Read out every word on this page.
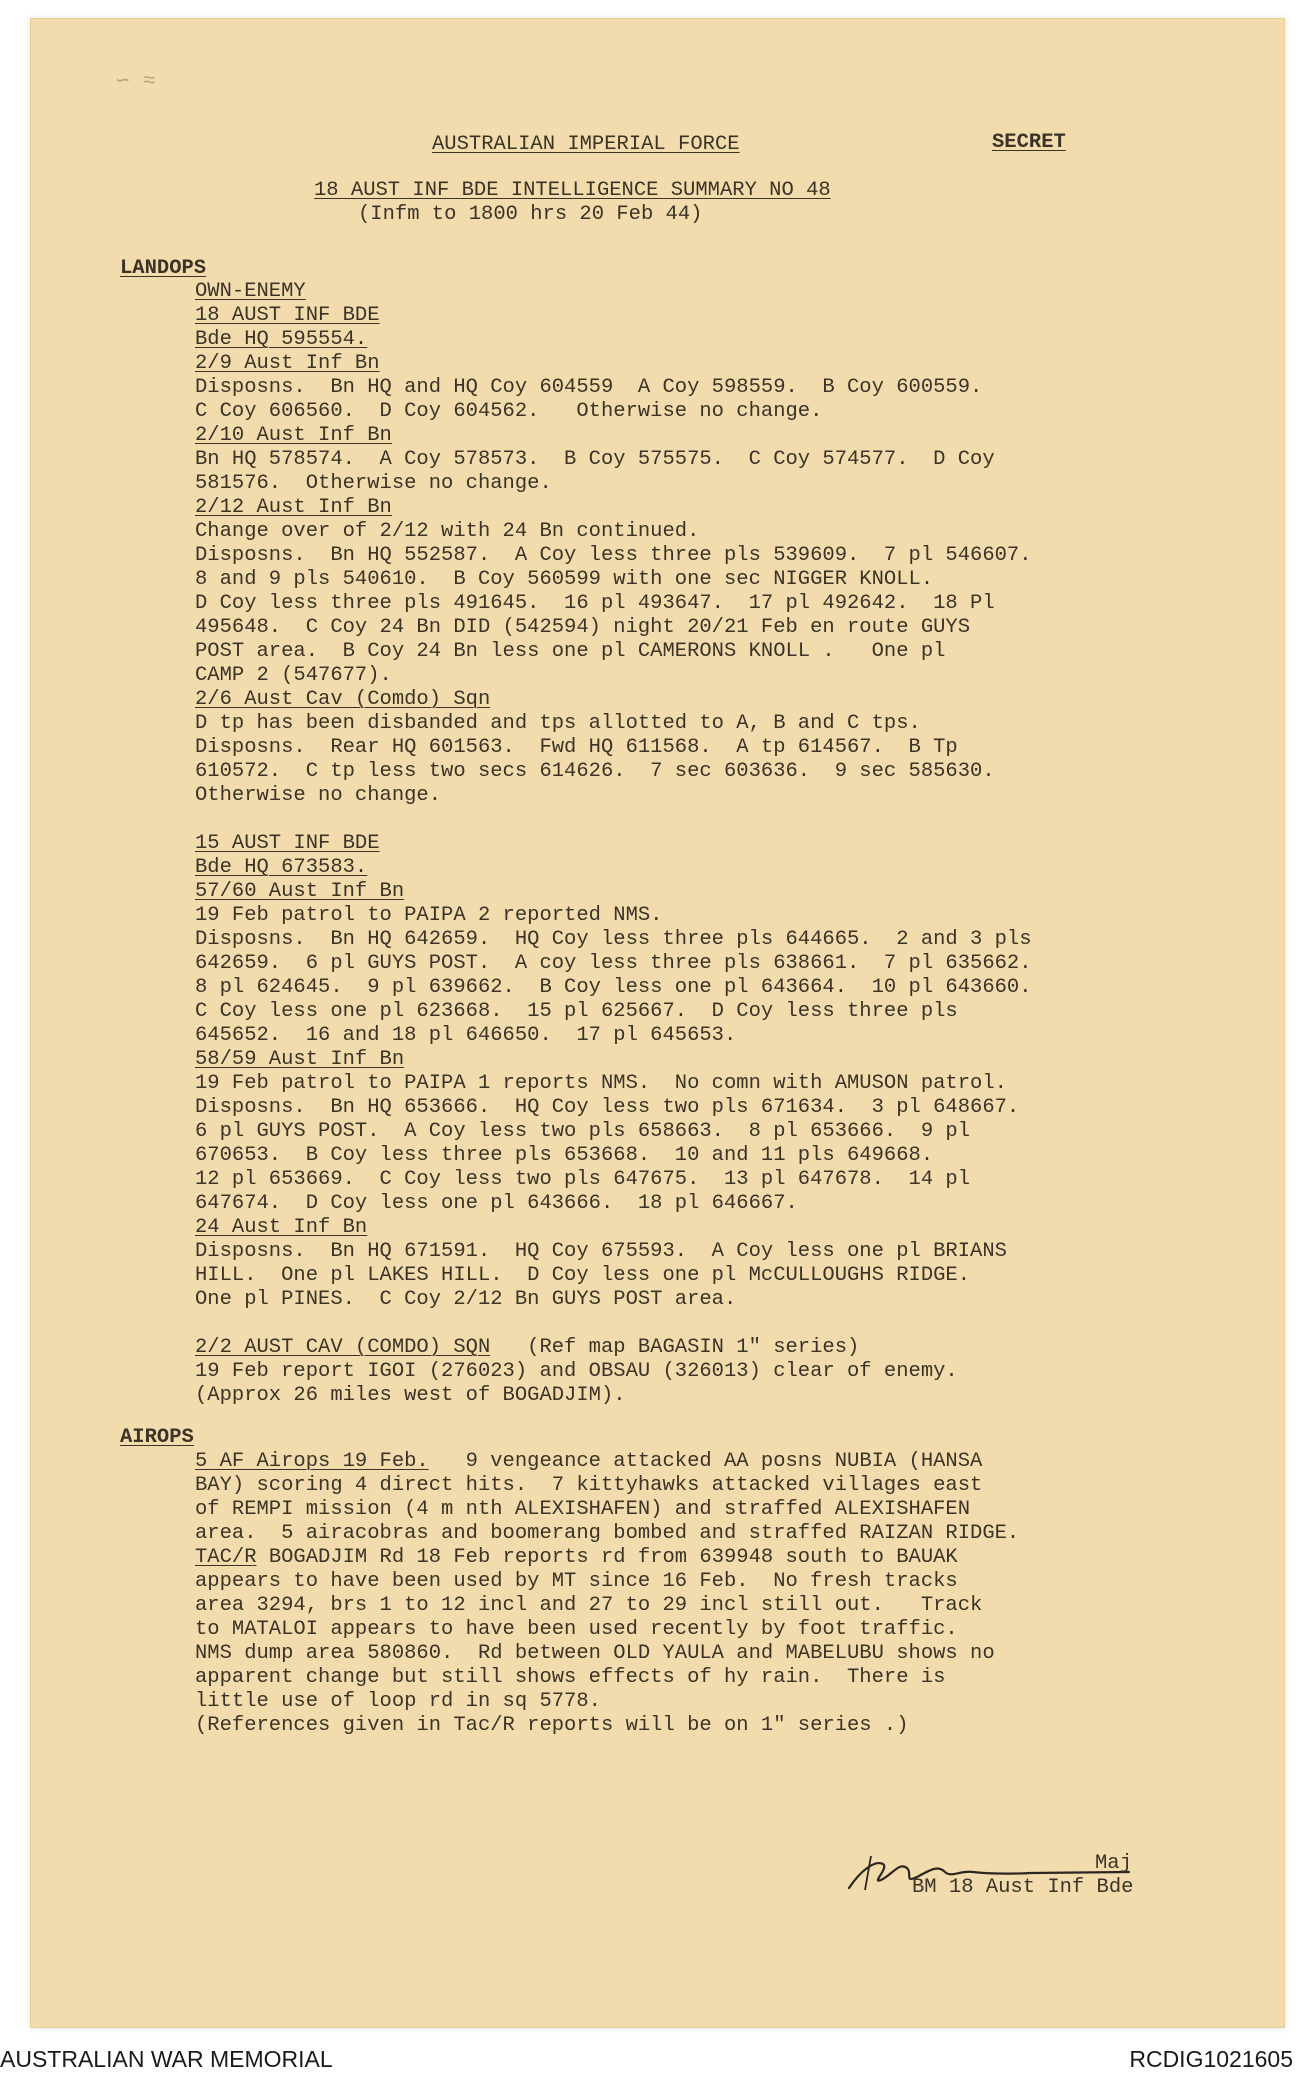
∽ ≈
AUSTRALIAN IMPERIAL FORCE	SECRET
18 AUST INF BDE INTELLIGENCE SUMMARY NO 48
(Infm to 1800 hrs 20 Feb 44)
LANDOPS
OWN-ENEMY
18 AUST INF BDE
Bde HQ 595554.
2/9 Aust Inf Bn
Disposns.  Bn HQ and HQ Coy 604559  A Coy 598559.  B Coy 600559.
C Coy 606560.  D Coy 604562.   Otherwise no change.
2/10 Aust Inf Bn
Bn HQ 578574.  A Coy 578573.  B Coy 575575.  C Coy 574577.  D Coy
581576.  Otherwise no change.
2/12 Aust Inf Bn
Change over of 2/12 with 24 Bn continued.
Disposns.  Bn HQ 552587.  A Coy less three pls 539609.  7 pl 546607.
8 and 9 pls 540610.  B Coy 560599 with one sec NIGGER KNOLL.
D Coy less three pls 491645.  16 pl 493647.  17 pl 492642.  18 Pl
495648.  C Coy 24 Bn DID (542594) night 20/21 Feb en route GUYS
POST area.  B Coy 24 Bn less one pl CAMERONS KNOLL .   One pl
CAMP 2 (547677).
2/6 Aust Cav (Comdo) Sqn
D tp has been disbanded and tps allotted to A, B and C tps.
Disposns.  Rear HQ 601563.  Fwd HQ 611568.  A tp 614567.  B Tp
610572.  C tp less two secs 614626.  7 sec 603636.  9 sec 585630.
Otherwise no change.
15 AUST INF BDE
Bde HQ 673583.
57/60 Aust Inf Bn
19 Feb patrol to PAIPA 2 reported NMS.
Disposns.  Bn HQ 642659.  HQ Coy less three pls 644665.  2 and 3 pls
642659.  6 pl GUYS POST.  A coy less three pls 638661.  7 pl 635662.
8 pl 624645.  9 pl 639662.  B Coy less one pl 643664.  10 pl 643660.
C Coy less one pl 623668.  15 pl 625667.  D Coy less three pls
645652.  16 and 18 pl 646650.  17 pl 645653.
58/59 Aust Inf Bn
19 Feb patrol to PAIPA 1 reports NMS.  No comn with AMUSON patrol.
Disposns.  Bn HQ 653666.  HQ Coy less two pls 671634.  3 pl 648667.
6 pl GUYS POST.  A Coy less two pls 658663.  8 pl 653666.  9 pl
670653.  B Coy less three pls 653668.  10 and 11 pls 649668.
12 pl 653669.  C Coy less two pls 647675.  13 pl 647678.  14 pl
647674.  D Coy less one pl 643666.  18 pl 646667.
24 Aust Inf Bn
Disposns.  Bn HQ 671591.  HQ Coy 675593.  A Coy less one pl BRIANS
HILL.  One pl LAKES HILL.  D Coy less one pl McCULLOUGHS RIDGE.
One pl PINES.  C Coy 2/12 Bn GUYS POST area.
2/2 AUST CAV (COMDO) SQN   (Ref map BAGASIN 1" series)
19 Feb report IGOI (276023) and OBSAU (326013) clear of enemy.
(Approx 26 miles west of BOGADJIM).
AIROPS
5 AF Airops 19 Feb.   9 vengeance attacked AA posns NUBIA (HANSA
BAY) scoring 4 direct hits.  7 kittyhawks attacked villages east
of REMPI mission (4 m nth ALEXISHAFEN) and straffed ALEXISHAFEN
area.  5 airacobras and boomerang bombed and straffed RAIZAN RIDGE.
TAC/R BOGADJIM Rd 18 Feb reports rd from 639948 south to BAUAK
appears to have been used by MT since 16 Feb.  No fresh tracks
area 3294, brs 1 to 12 incl and 27 to 29 incl still out.   Track
to MATALOI appears to have been used recently by foot traffic.
NMS dump area 580860.  Rd between OLD YAULA and MABELUBU shows no
apparent change but still shows effects of hy rain.  There is
little use of loop rd in sq 5778.
(References given in Tac/R reports will be on 1" series .)
Maj
BM 18 Aust Inf Bde
AUSTRALIAN WAR MEMORIAL	RCDIG1021605
